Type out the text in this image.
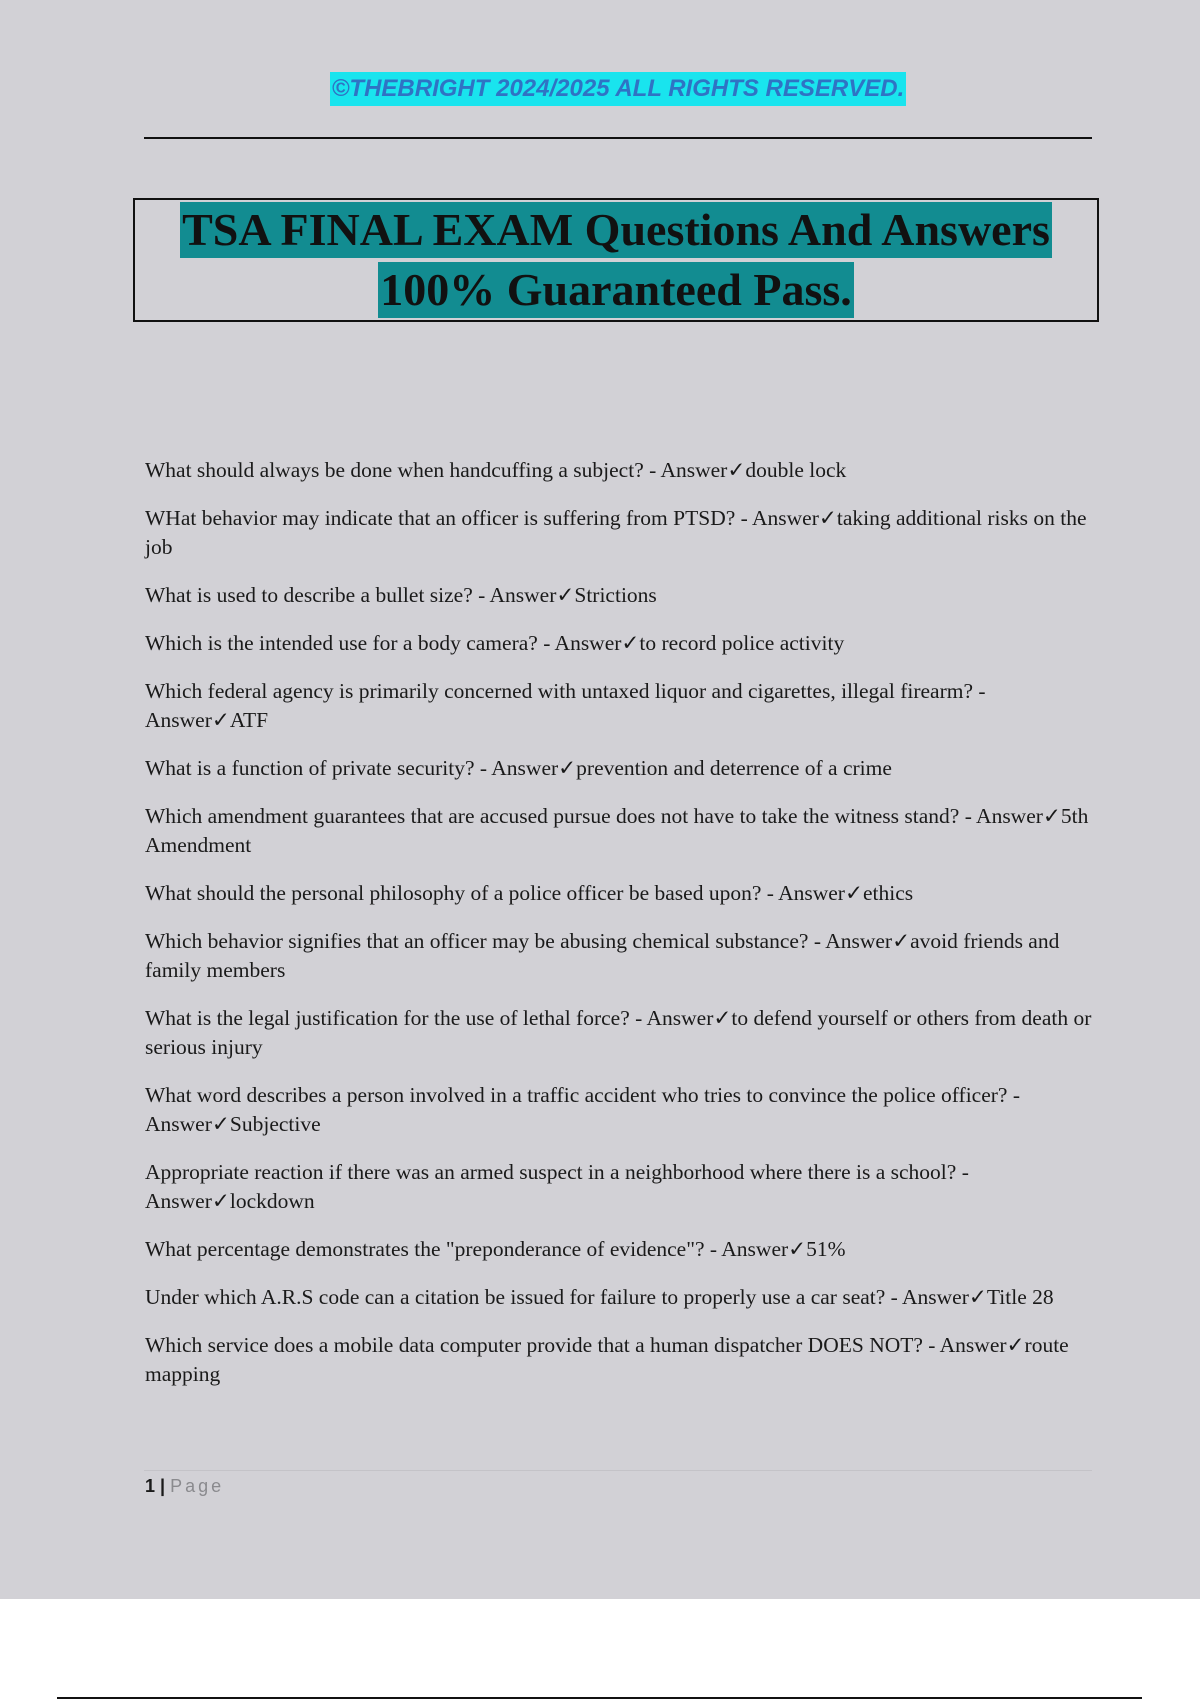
©THEBRIGHT 2024/2025 ALL RIGHTS RESERVED.
TSA FINAL EXAM Questions And Answers
100% Guaranteed Pass.

What should always be done when handcuffing a subject? - Answer✓double lock

WHat behavior may indicate that an officer is suffering from PTSD? - Answer✓taking additional risks on the job

What is used to describe a bullet size? - Answer✓Strictions

Which is the intended use for a body camera? - Answer✓to record police activity

Which federal agency is primarily concerned with untaxed liquor and cigarettes, illegal firearm? - Answer✓ATF

What is a function of private security? - Answer✓prevention and deterrence of a crime

Which amendment guarantees that are accused pursue does not have to take the witness stand? - Answer✓5th Amendment

What should the personal philosophy of a police officer be based upon? - Answer✓ethics

Which behavior signifies that an officer may be abusing chemical substance? - Answer✓avoid friends and family members

What is the legal justification for the use of lethal force? - Answer✓to defend yourself or others from death or serious injury

What word describes a person involved in a traffic accident who tries to convince the police officer? - Answer✓Subjective

Appropriate reaction if there was an armed suspect in a neighborhood where there is a school? - Answer✓lockdown

What percentage demonstrates the "preponderance of evidence"? - Answer✓51%

Under which A.R.S code can a citation be issued for failure to properly use a car seat? - Answer✓Title 28

Which service does a mobile data computer provide that a human dispatcher DOES NOT? - Answer✓route mapping

1 | Page
